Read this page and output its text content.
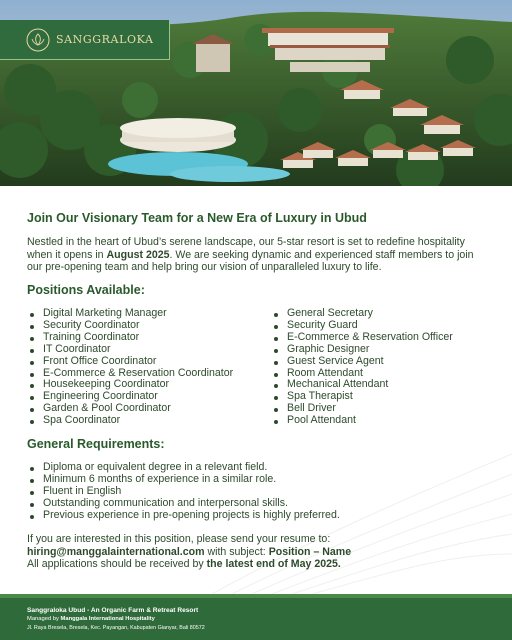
SANGGRALOKA
Join Our Visionary Team for a New Era of Luxury in Ubud

Nestled in the heart of Ubud’s serene landscape, our 5-star resort is set to redefine hospitality when it opens in August 2025. We are seeking dynamic and experienced staff members to join our pre-opening team and help bring our vision of unparalleled luxury to life.

Positions Available:
Digital Marketing Manager
Security Coordinator
Training Coordinator
IT Coordinator
Front Office Coordinator
E-Commerce & Reservation Coordinator
Housekeeping Coordinator
Engineering Coordinator
Garden & Pool Coordinator
Spa Coordinator
General Secretary
Security Guard
E-Commerce & Reservation Officer
Graphic Designer
Guest Service Agent
Room Attendant
Mechanical Attendant
Spa Therapist
Bell Driver
Pool Attendant
General Requirements:
Diploma or equivalent degree in a relevant field.
Minimum 6 months of experience in a similar role.
Fluent in English
Outstanding communication and interpersonal skills.
Previous experience in pre-opening projects is highly preferred.
If you are interested in this position, please send your resume to:
hiring@manggalainternational.com with subject: Position – Name
All applications should be received by the latest end of May 2025.
Sanggraloka Ubud - An Organic Farm & Retreat Resort
Managed by Manggala International Hospitality
Jl. Raya Bresela, Bresela, Kec. Payangan, Kabupaten Gianyar, Bali 80572
